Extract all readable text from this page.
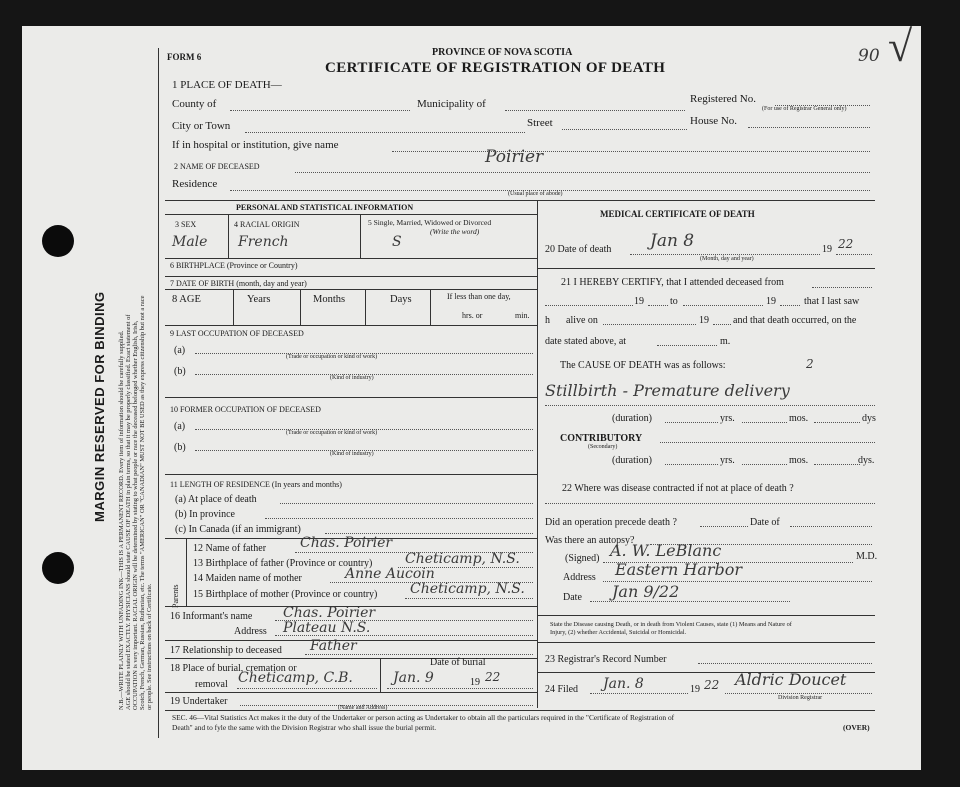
MARGIN RESERVED FOR BINDING N.B.—WRITE PLAINLY WITH UNFADING INK—THIS IS A PERMANENT RECORD. Every item of information should be carefully supplied. AGE should be stated EXACTLY. PHYSICIANS should state CAUSE OF DEATH in plain terms, so that it may be properly classified. Exact statement of OCCUPATION is very important. RACIAL ORIGIN will be determined by stating to what people or race the deceased belonged whether English, Irish, Scotch, French, German, Russian, Ruthenian, etc. The terms "AMERICAN" OR "CANADIAN" MUST NOT BE USED as they express citizenship but not a race or people. See instructions on back of Certificate.
FORM 6	PROVINCE OF NOVA SCOTIA
CERTIFICATE OF REGISTRATION OF DEATH
90 √
1 PLACE OF DEATH—
County of	Municipality of	Registered No.
(For use of Registrar General only)
City or Town	Street	House No.
If in hospital or institution, give name
2 NAME OF DECEASED	Poirier
Residence
(Usual place of abode)
PERSONAL AND STATISTICAL INFORMATION
3 SEX	4 RACIAL ORIGIN	5 Single, Married, Widowed or Divorced
(Write the word)
Male French	S
6 BIRTHPLACE (Province or Country)
7 DATE OF BIRTH (month, day and year)
8 AGE	Years	Months	Days	If less than one day,
hrs. or	min.
9 LAST OCCUPATION OF DECEASED
(a)
(Trade or occupation or kind of work)
(b)
(Kind of industry)
10 FORMER OCCUPATION OF DECEASED
(a)
(Trade or occupation or kind of work)
(b)
(Kind of industry)
11 LENGTH OF RESIDENCE (In years and months)
(a) At place of death
(b) In province
(c) In Canada (if an immigrant)
Parents
12 Name of father Chas. Poirier
13 Birthplace of father (Province or country) Cheticamp, N.S.
14 Maiden name of mother	Anne Aucoin
15 Birthplace of mother (Province or country) Cheticamp, N.S.
16 Informant's name Chas. Poirier
Address Plateau N.S.
17 Relationship to deceased Father
18 Place of burial, cremation or
removal Cheticamp, C.B.
Date of burial
Jan. 9	19 22
19 Undertaker
(Name and Address)
MEDICAL CERTIFICATE OF DEATH
20 Date of death Jan 8
(Month, day and year)
19 22
21 I HEREBY CERTIFY, that I attended deceased from
19	to	19	that I last saw
h alive on	19 and that death occurred, on the
date stated above, at	m.
The CAUSE OF DEATH was as follows:	2
Stillbirth - Premature delivery
(duration)	yrs.	mos.	dys
CONTRIBUTORY
(Secondary)
(duration)	yrs.	mos.	dys.
22 Where was disease contracted if not at place of death ?
Did an operation precede death ?	Date of
Was there an autopsy?
(Signed) A. W. LeBlanc	M.D.
Address Eastern Harbor
Date Jan 9/22
State the Disease causing Death, or in death from Violent Causes, state (1) Means and Nature of
Injury, (2) whether Accidental, Suicidal or Homicidal.
23 Registrar's Record Number
24 Filed Jan. 8	19 22 Aldric Doucet
Division Registrar
SEC. 46—Vital Statistics Act makes it the duty of the Undertaker or person acting as Undertaker to obtain all the particulars required in the "Certificate of Registration of
Death" and to fyle the same with the Division Registrar who shall issue the burial permit.	(OVER)
